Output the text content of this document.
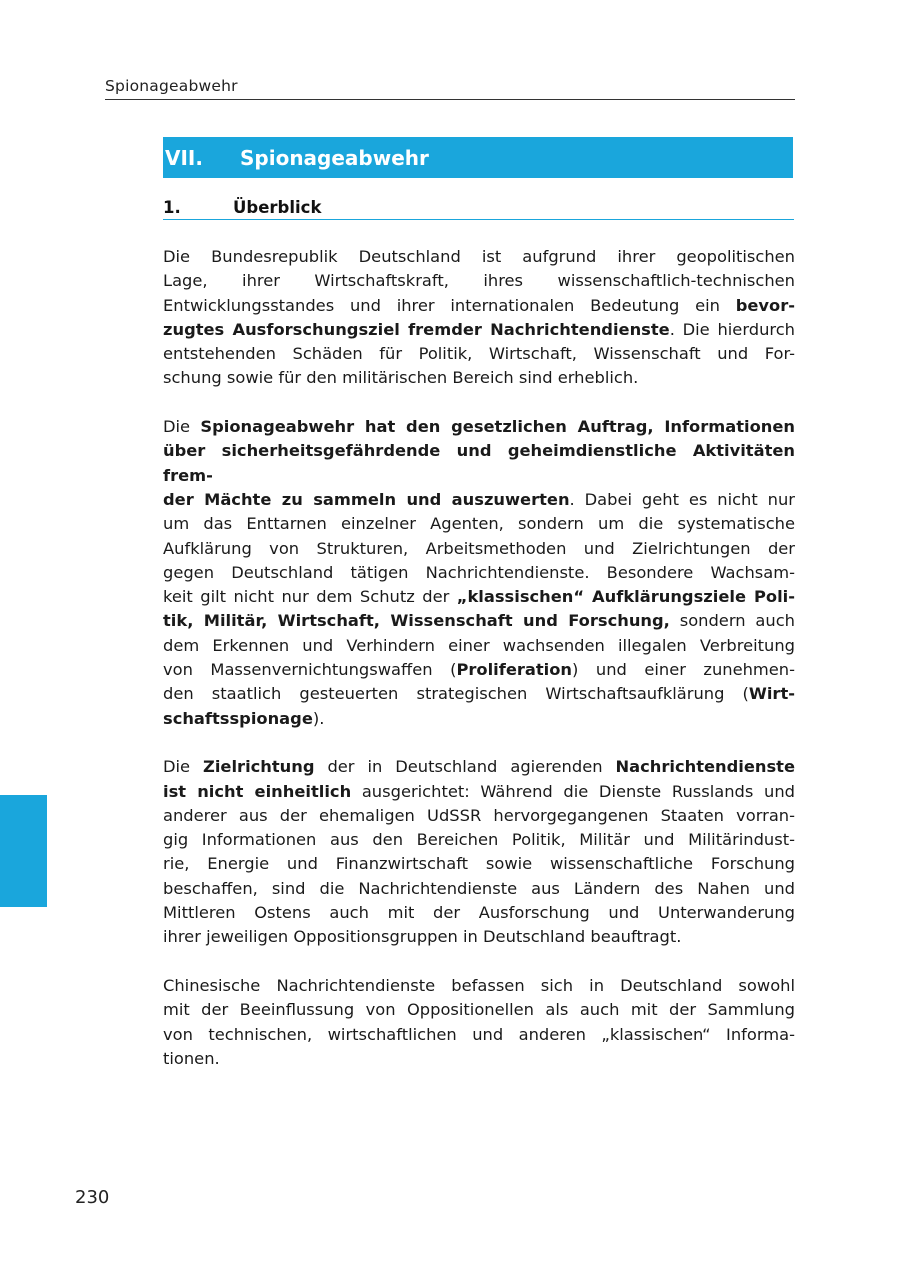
Spionageabwehr
VII.	Spionageabwehr
1.	Überblick
Die Bundesrepublik Deutschland ist aufgrund ihrer geopolitischen
Lage, ihrer Wirtschaftskraft, ihres wissenschaftlich-technischen
Entwicklungsstandes und ihrer internationalen Bedeutung ein bevor-
zugtes Ausforschungsziel fremder Nachrichtendienste. Die hierdurch
entstehenden Schäden für Politik, Wirtschaft, Wissenschaft und For-
schung sowie für den militärischen Bereich sind erheblich.
Die Spionageabwehr hat den gesetzlichen Auftrag, Informationen
über sicherheitsgefährdende und geheimdienstliche Aktivitäten frem-
der Mächte zu sammeln und auszuwerten. Dabei geht es nicht nur
um das Enttarnen einzelner Agenten, sondern um die systematische
Aufklärung von Strukturen, Arbeitsmethoden und Zielrichtungen der
gegen Deutschland tätigen Nachrichtendienste. Besondere Wachsam-
keit gilt nicht nur dem Schutz der „klassischen“ Aufklärungsziele Poli-
tik, Militär, Wirtschaft, Wissenschaft und Forschung, sondern auch
dem Erkennen und Verhindern einer wachsenden illegalen Verbreitung
von Massenvernichtungswaffen (Proliferation) und einer zunehmen-
den staatlich gesteuerten strategischen Wirtschaftsaufklärung (Wirt-
schaftsspionage).
Die Zielrichtung der in Deutschland agierenden Nachrichtendienste
ist nicht einheitlich ausgerichtet: Während die Dienste Russlands und
anderer aus der ehemaligen UdSSR hervorgegangenen Staaten vorran-
gig Informationen aus den Bereichen Politik, Militär und Militärindust-
rie, Energie und Finanzwirtschaft sowie wissenschaftliche Forschung
beschaffen, sind die Nachrichtendienste aus Ländern des Nahen und
Mittleren Ostens auch mit der Ausforschung und Unterwanderung
ihrer jeweiligen Oppositionsgruppen in Deutschland beauftragt.
Chinesische Nachrichtendienste befassen sich in Deutschland sowohl
mit der Beeinflussung von Oppositionellen als auch mit der Sammlung
von technischen, wirtschaftlichen und anderen „klassischen“ Informa-
tionen.
230
